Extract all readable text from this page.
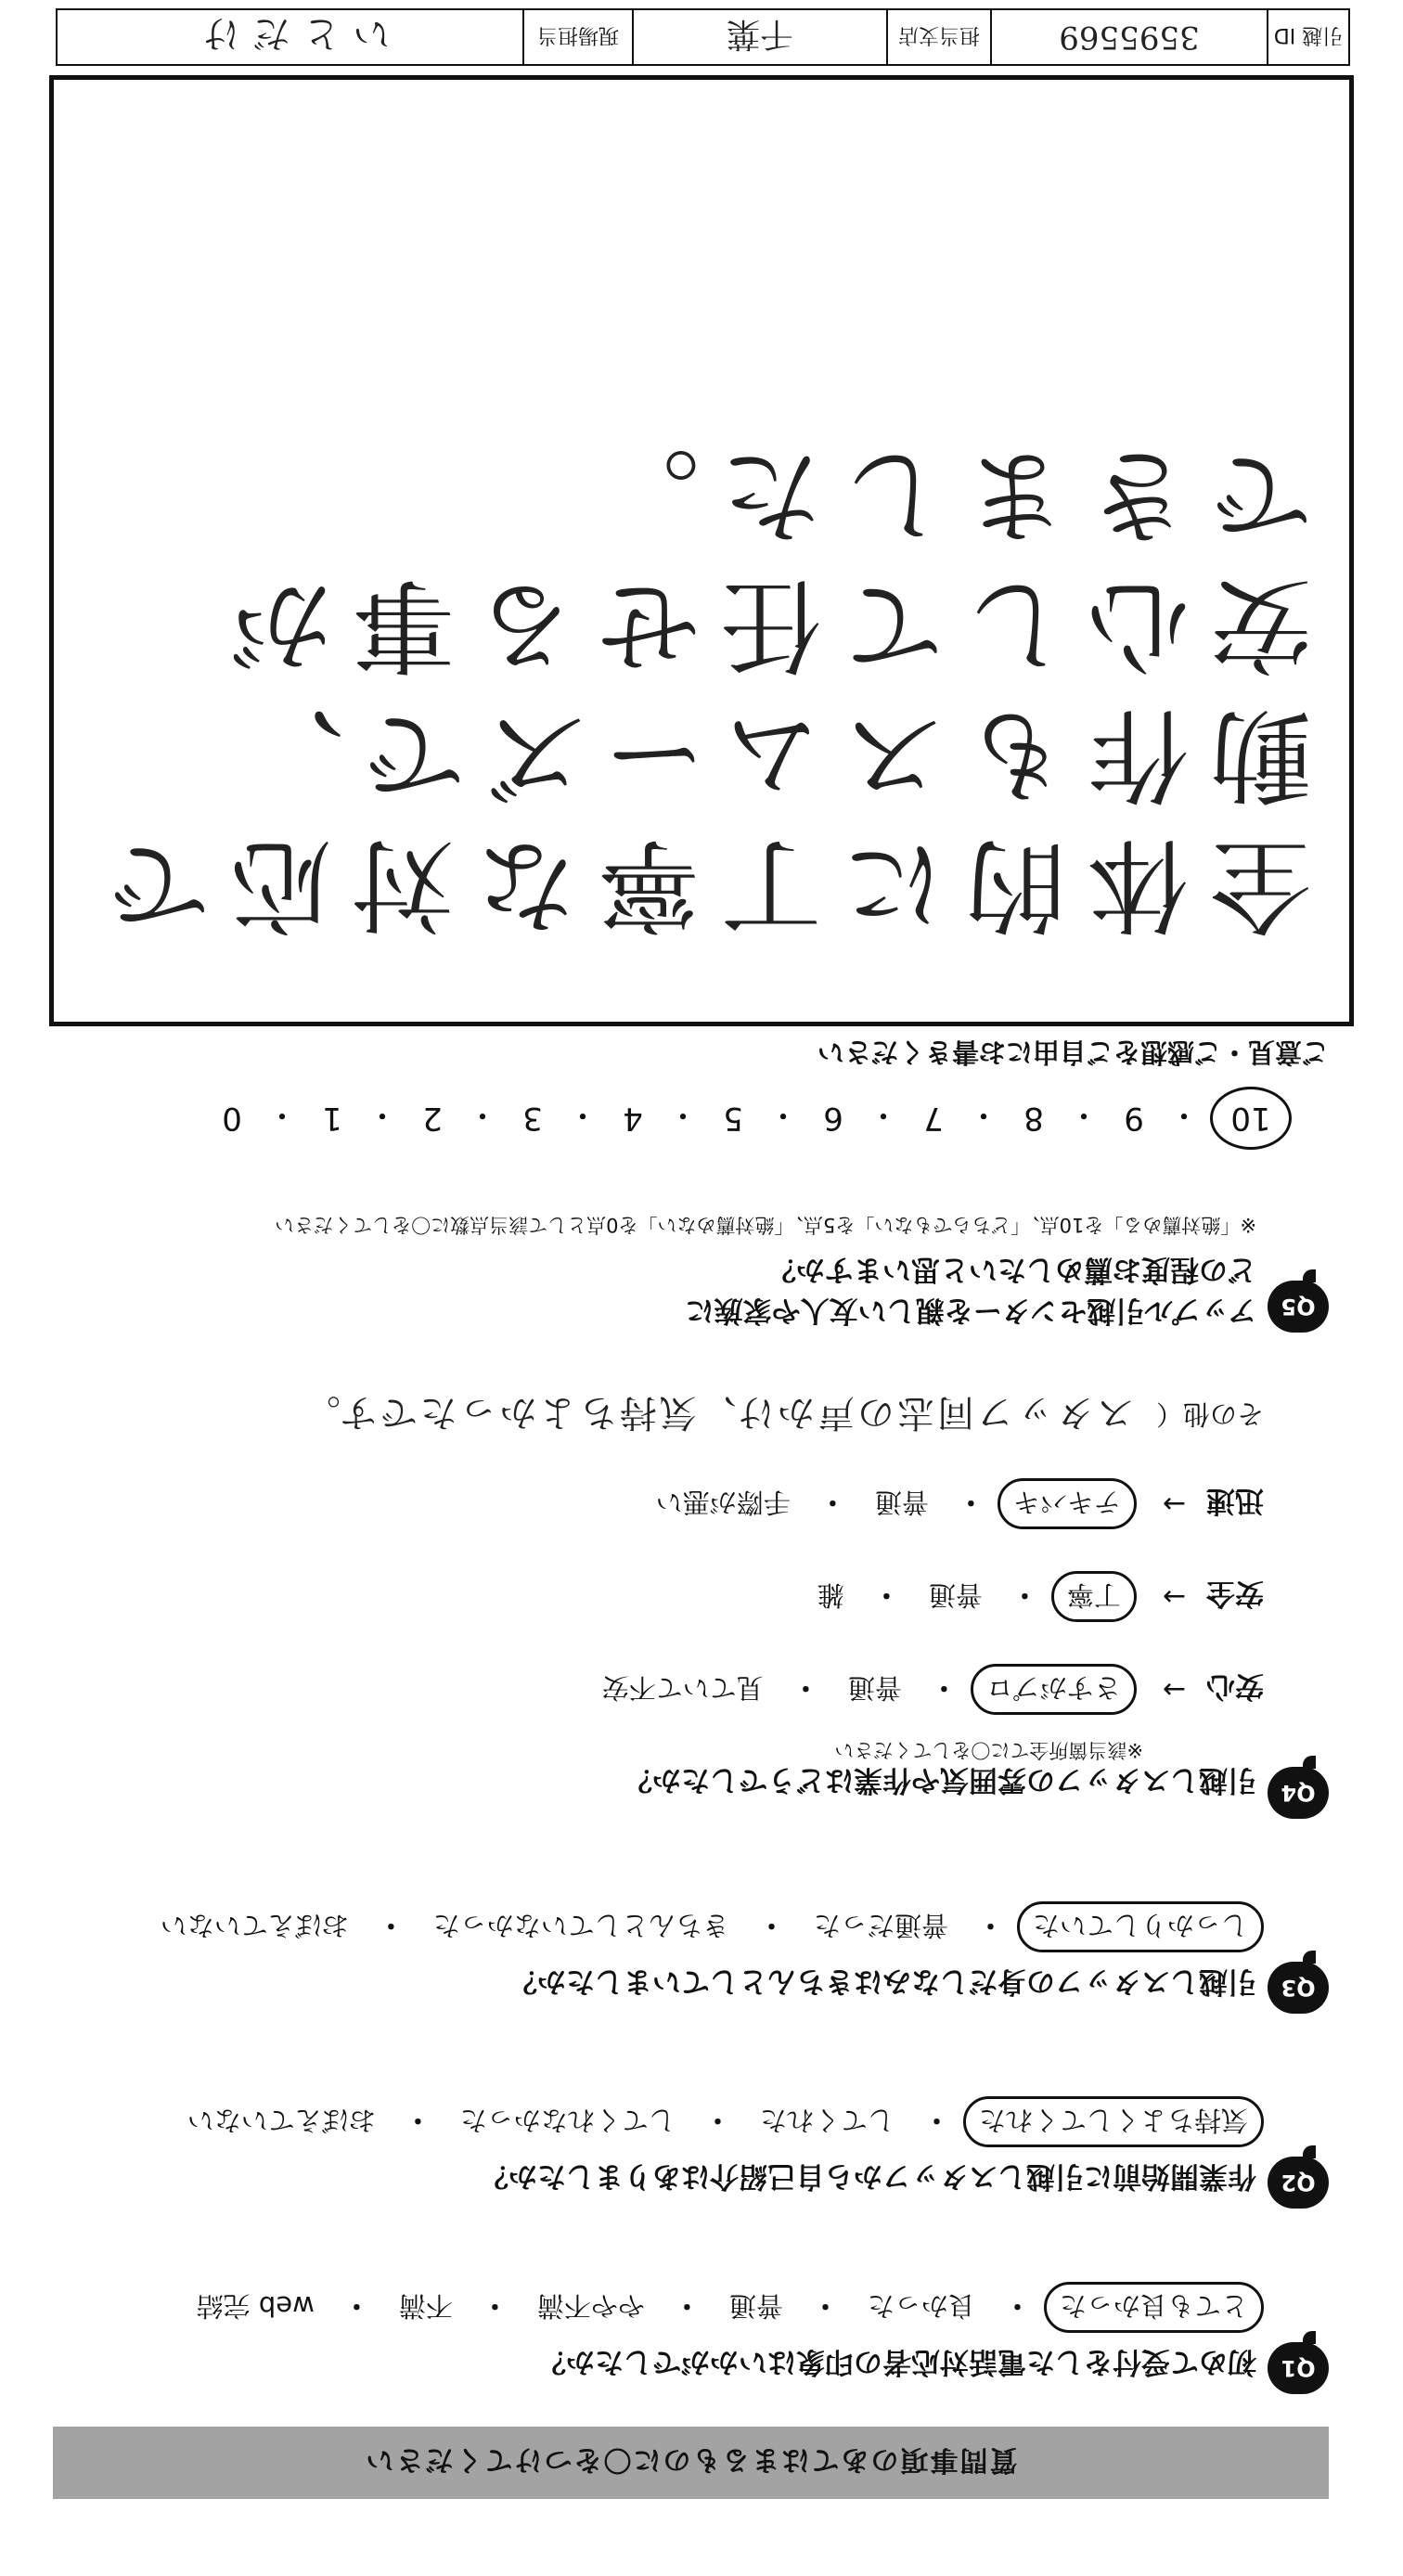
質問事項のあてはまるものに〇をつけてください
Q1
初めて受付をした電話対応者の印象はいかがでしたか？
とても良かった
・
良かった
・
普通
・
やや不満
・
不満
・
web 完結
Q2
作業開始前に引越しスタッフから自己紹介はありましたか？
気持ちよくしてくれた
・
してくれた
・
してくれなかった
・
おぼえていない
Q3
引越しスタッフの身だしなみはきちんとしていましたか？
しっかりしていた
・
普通だった
・
きちんとしていなかった
・
おぼえていない
Q4
引越しスタッフの雰囲気や作業はどうでしたか？
※該当箇所全てに〇をしてください
安心
→
さすがプロ
・
普通
・
見ていて不安
安全
→
丁寧
・
普通
・
雑
迅速
→
テキパキ
・
普通
・
手際が悪い
その他（
スタッフ同志の声かけ、気持ちよかったです。
Q5
アップル引越センターを親しい友人や家族に
どの程度お薦めしたいと思いますか？
※「絶対薦める」を10点、「どちらでもない」を5点、「絶対薦めない」を0点として該当点数に〇をしてください
10
・
9
・
8
・
7
・
6
・
5
・
4
・
3
・
2
・
1
・
0
ご意見・ご感想をご自由にお書きください
全体的に丁寧な対応で
動作もスムーズで、
安心して任せる事が
できました。
引越 ID
3595569
担当支店
千葉
現場担当
いとだけ
